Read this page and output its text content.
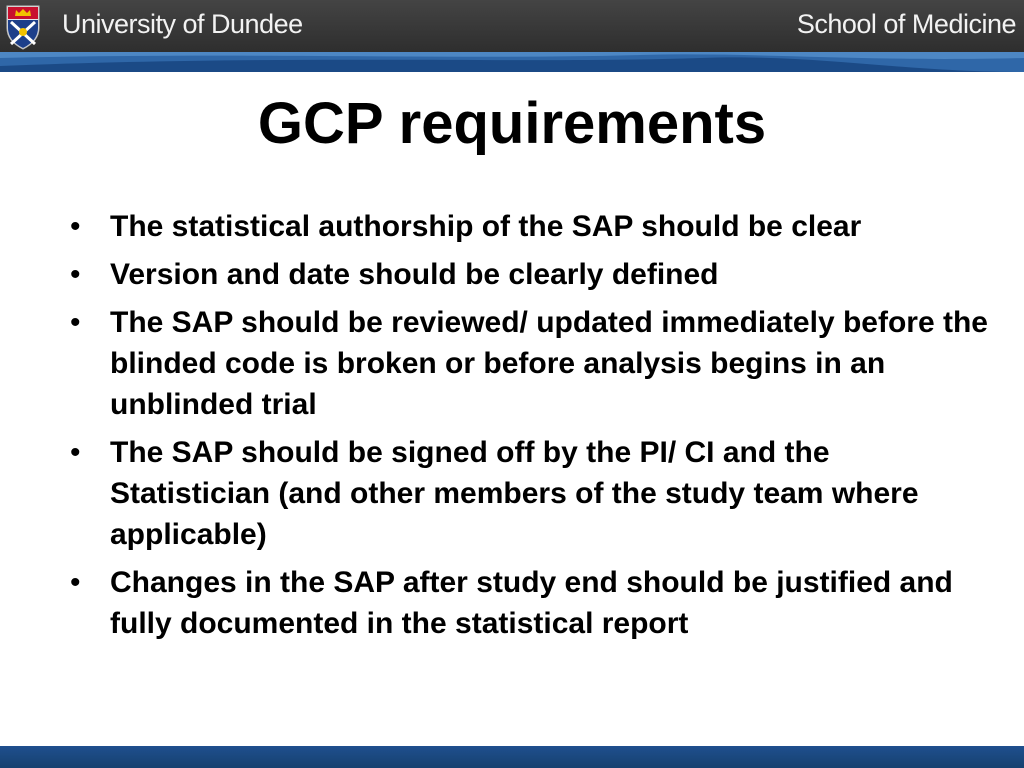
University of Dundee	School of Medicine
GCP requirements
• The statistical authorship of the SAP should be clear
• Version and date should be clearly defined
• The SAP should be reviewed/ updated immediately before the blinded code is broken or before analysis begins in an unblinded trial
• The SAP should be signed off by the PI/ CI and the Statistician (and other members of the study team where applicable)
• Changes in the SAP after study end should be justified and fully documented in the statistical report
